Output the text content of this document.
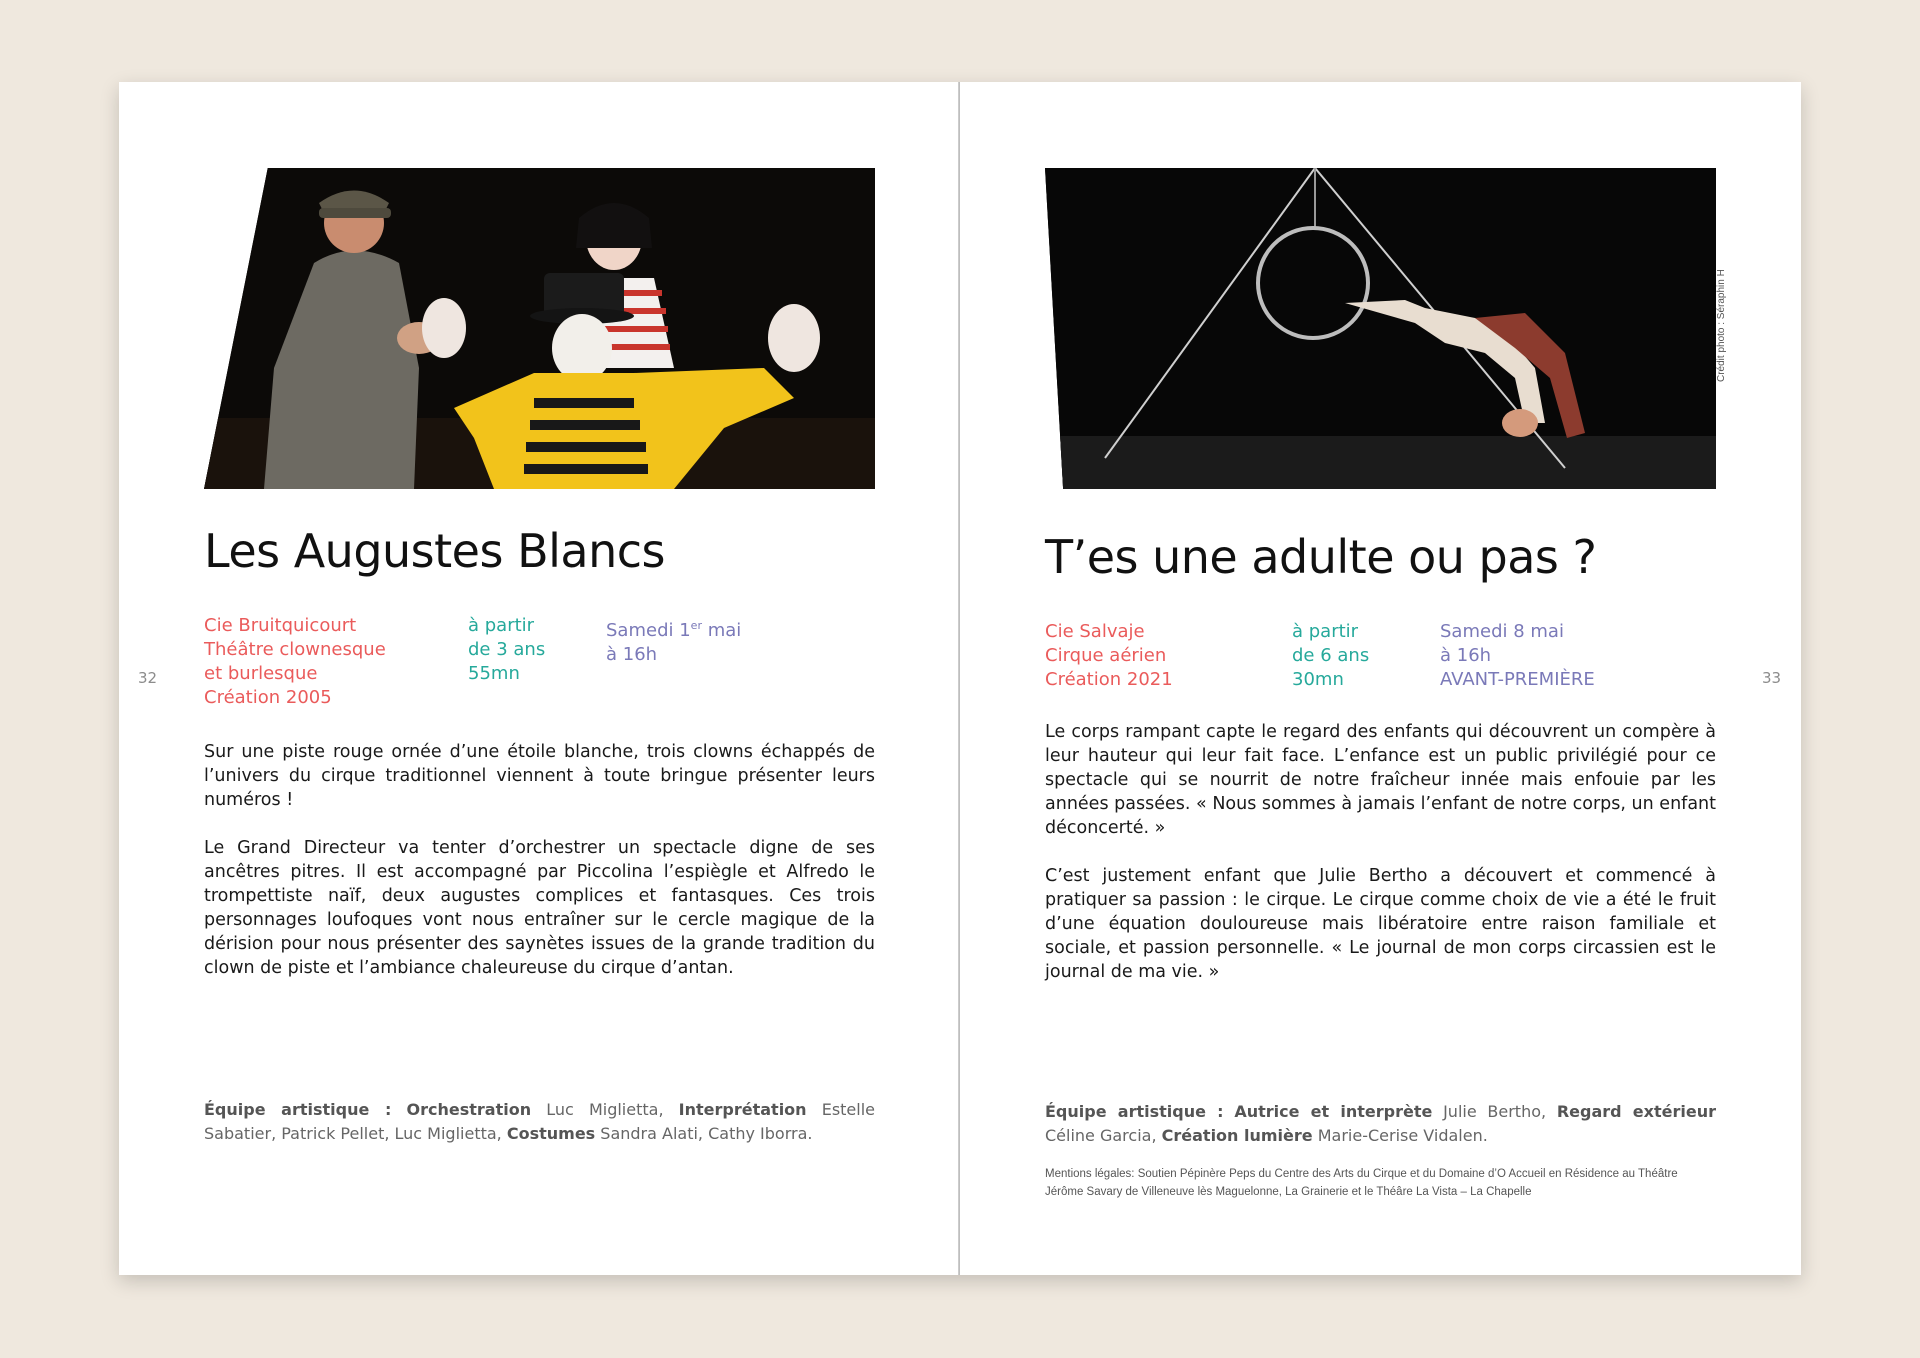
Les Augustes Blancs
Cie Bruitquicourt
Théâtre clownesque
et burlesque
Création 2005
à partir
de 3 ans
55mn
Samedi 1er mai
à 16h
32

Sur une piste rouge ornée d’une étoile blanche, trois clowns échappés de l’univers du cirque traditionnel viennent à toute bringue présenter leurs numéros !

Le Grand Directeur va tenter d’orchestrer un spectacle digne de ses ancêtres pitres. Il est accompagné par Piccolina l’espiègle et Alfredo le trompettiste naïf, deux augustes complices et fantasques. Ces trois personnages loufoques vont nous entraîner sur le cercle magique de la dérision pour nous présenter des saynètes issues de la grande tradition du clown de piste et l’ambiance chaleureuse du cirque d’antan.

Équipe artistique : Orchestration Luc Miglietta, Interprétation Estelle Sabatier, Patrick Pellet, Luc Miglietta, Costumes Sandra Alati, Cathy Iborra.
Crédit photo : Séraphin H
T’es une adulte ou pas ?
Cie Salvaje
Cirque aérien
Création 2021
à partir
de 6 ans
30mn
Samedi 8 mai
à 16h
AVANT-PREMIÈRE	33

Le corps rampant capte le regard des enfants qui découvrent un compère à leur hauteur qui leur fait face. L’enfance est un public privilégié pour ce spectacle qui se nourrit de notre fraîcheur innée mais enfouie par les années passées. « Nous sommes à jamais l’enfant de notre corps, un enfant déconcerté. »

C’est justement enfant que Julie Bertho a découvert et commencé à pratiquer sa passion : le cirque. Le cirque comme choix de vie a été le fruit d’une équation douloureuse mais libératoire entre raison familiale et sociale, et passion personnelle. « Le journal de mon corps circassien est le journal de ma vie. »

Équipe artistique : Autrice et interprète Julie Bertho, Regard extérieur Céline Garcia, Création lumière Marie-Cerise Vidalen.
Mentions légales: Soutien Pépinère Peps du Centre des Arts du Cirque et du Domaine d’O Accueil en Résidence au Théâtre Jérôme Savary de Villeneuve lès Maguelonne, La Grainerie et le Théâre La Vista – La Chapelle
